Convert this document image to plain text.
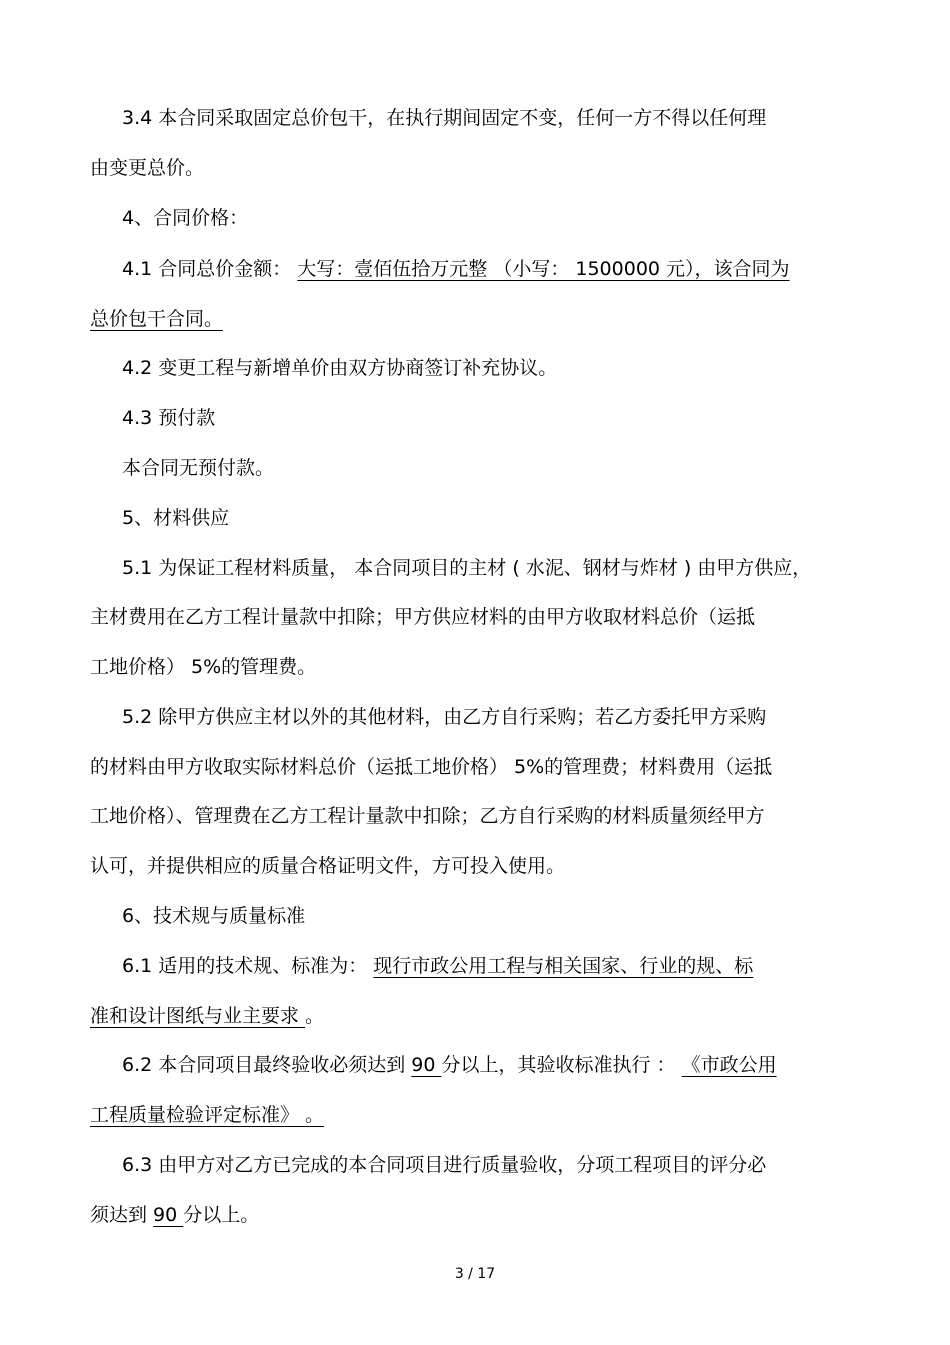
3.4 本合同采取固定总价包干，在执行期间固定不变，任何一方不得以任何理

由变更总价。

4、合同价格：

4.1 合同总价金额： 大写：壹佰伍拾万元整 （小写： 1500000 元），该合同为

总价包干合同。

4.2 变更工程与新增单价由双方协商签订补充协议。

4.3 预付款

本合同无预付款。

5、材料供应

5.1 为保证工程材料质量， 本合同项目的主材 ( 水泥、钢材与炸材 ) 由甲方供应，

主材费用在乙方工程计量款中扣除；甲方供应材料的由甲方收取材料总价（运抵

工地价格） 5%的管理费。

5.2 除甲方供应主材以外的其他材料，由乙方自行采购；若乙方委托甲方采购

的材料由甲方收取实际材料总价（运抵工地价格） 5%的管理费；材料费用（运抵

工地价格）、管理费在乙方工程计量款中扣除；乙方自行采购的材料质量须经甲方

认可，并提供相应的质量合格证明文件，方可投入使用。

6、技术规与质量标准

6.1 适用的技术规、标准为： 现行市政公用工程与相关国家、行业的规、标

准和设计图纸与业主要求 。

6.2 本合同项目最终验收必须达到 90 分以上，其验收标准执行 ： 《市政公用

工程质量检验评定标准》 。

6.3 由甲方对乙方已完成的本合同项目进行质量验收，分项工程项目的评分必

须达到 90 分以上。

3 / 17
